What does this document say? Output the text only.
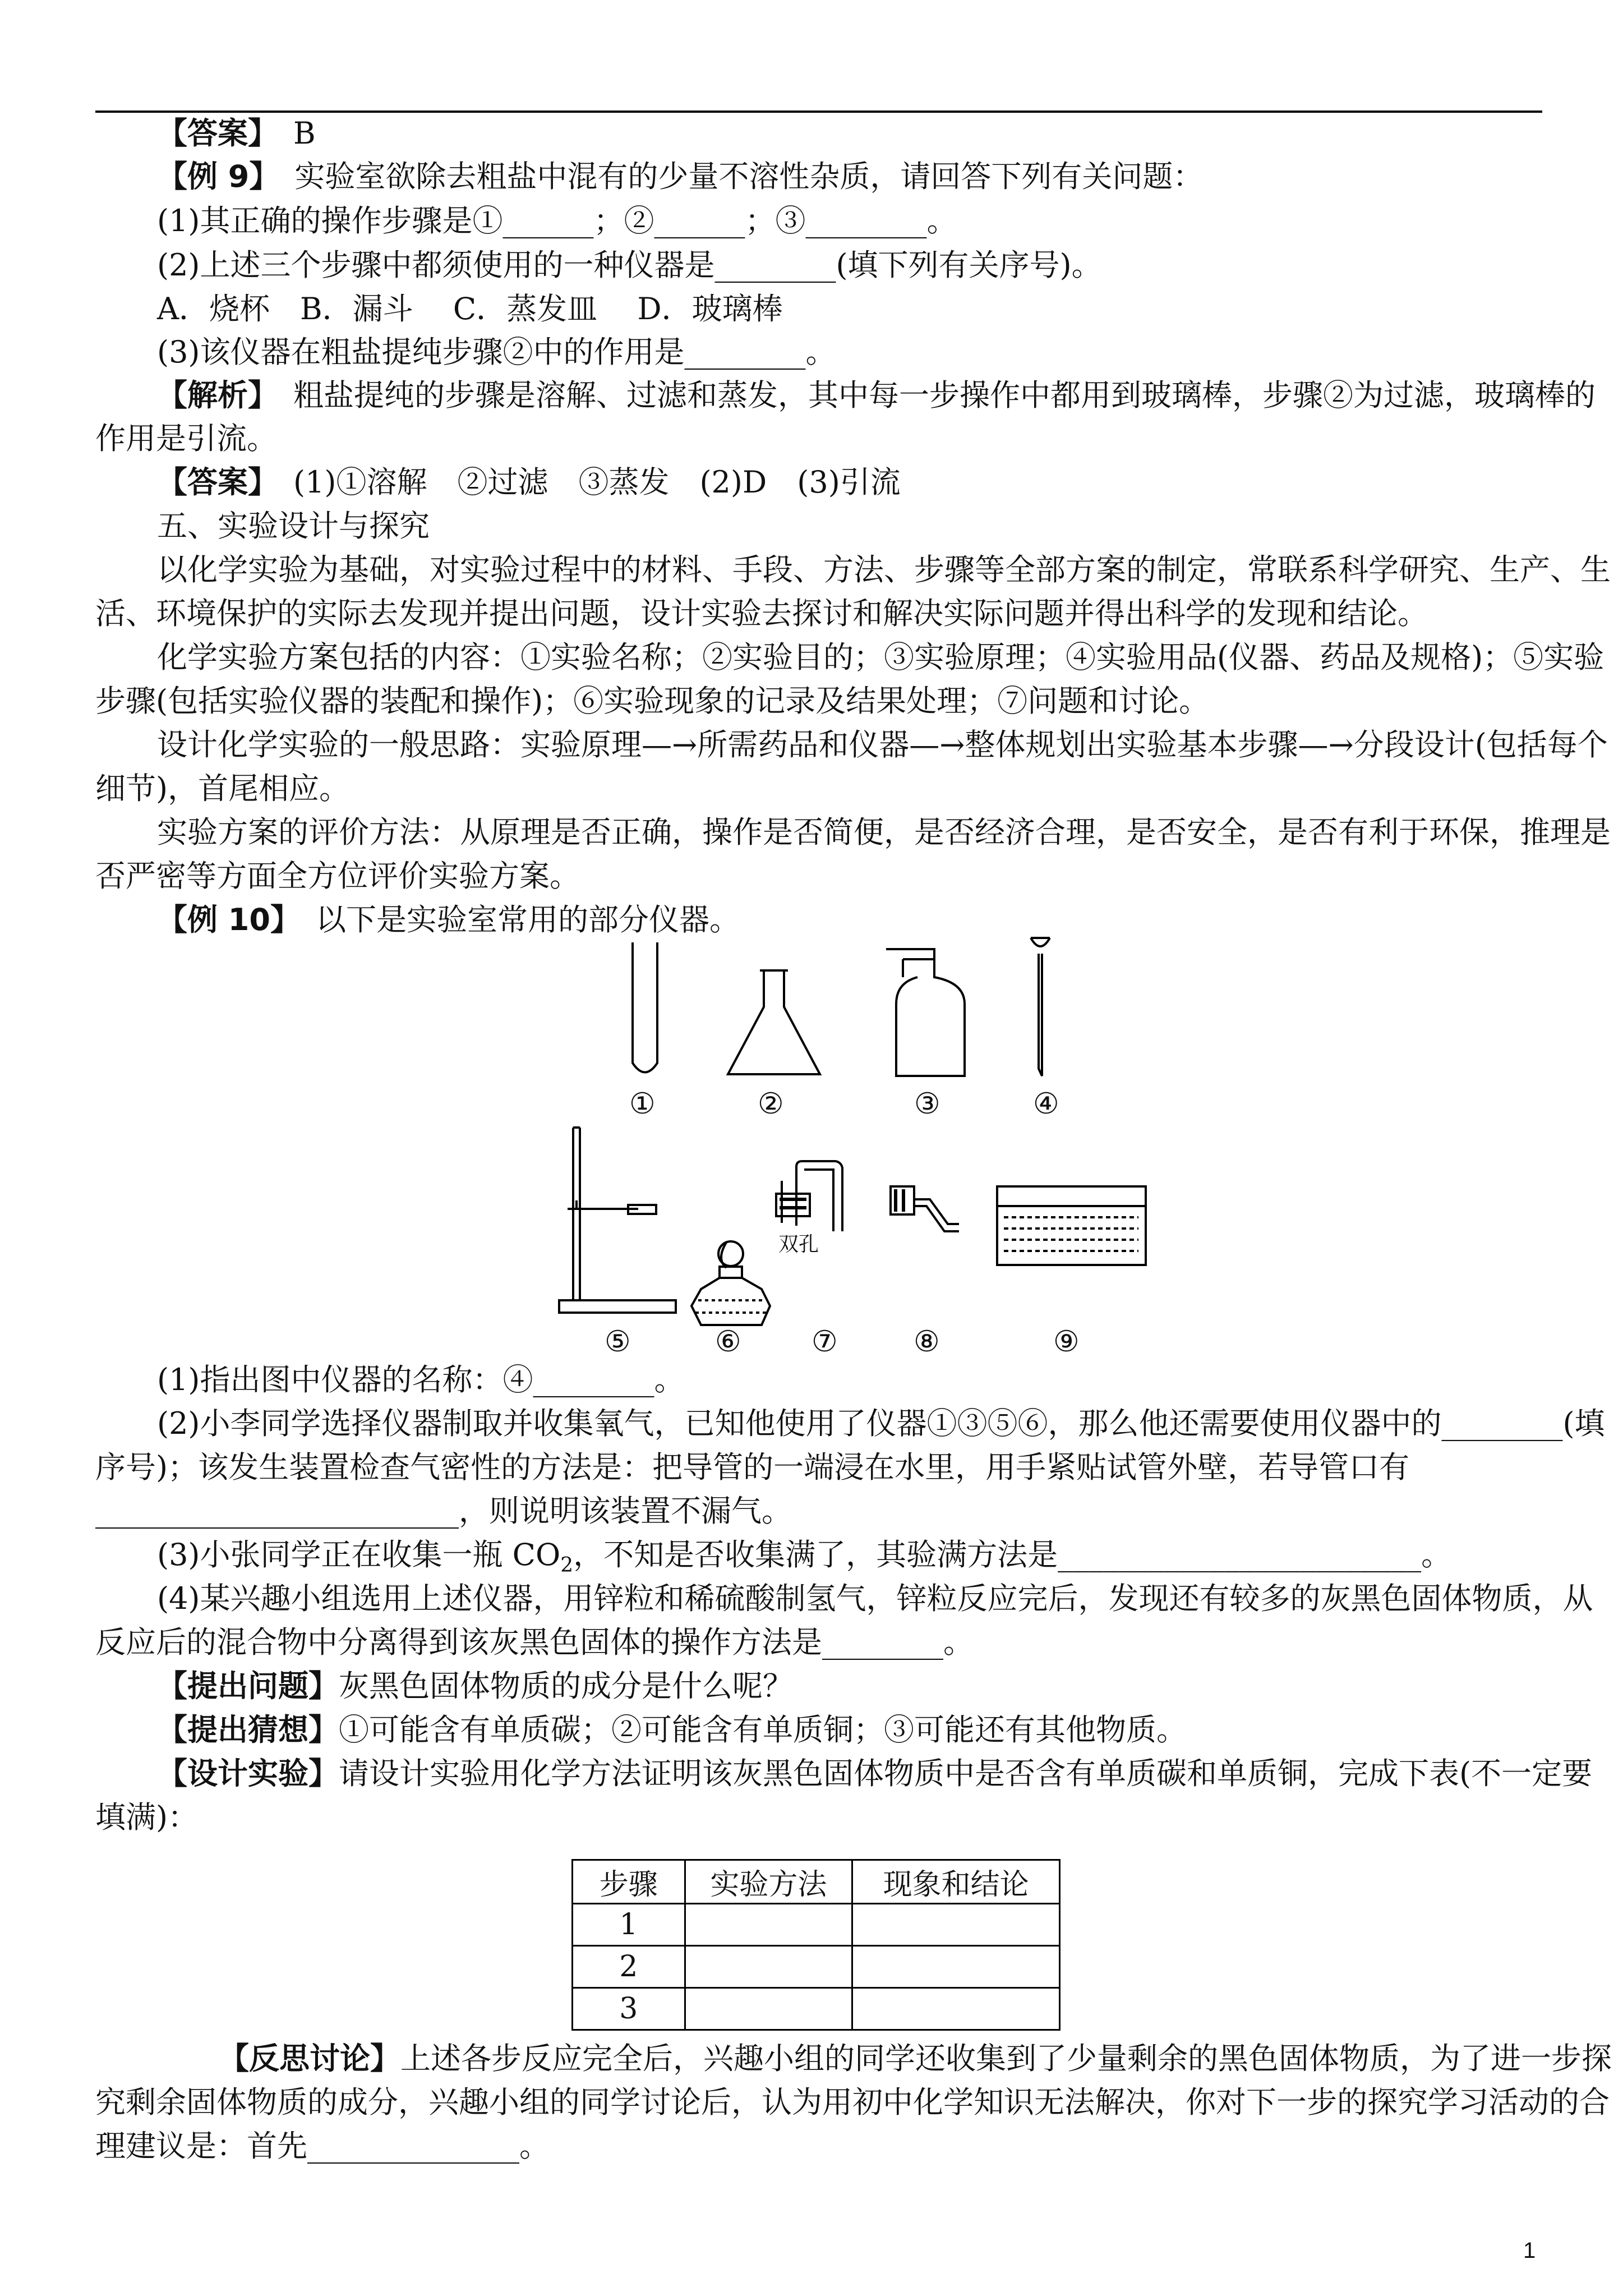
【答案】　 B
【例 9】　 实验室欲除去粗盐中混有的少量不溶性杂质，请回答下列有关问题：
(1)其正确的操作步骤是①______；②______；③________。
(2)上述三个步骤中都须使用的一种仪器是________(填下列有关序号)。
A．烧杯　B．漏斗　 C．蒸发皿　 D．玻璃棒
(3)该仪器在粗盐提纯步骤②中的作用是________。
【解析】　 粗盐提纯的步骤是溶解、过滤和蒸发，其中每一步操作中都用到玻璃棒，步骤②为过滤，玻璃棒的
作用是引流。
【答案】　 (1)①溶解　②过滤　③蒸发　(2)D　(3)引流
五、实验设计与探究
以化学实验为基础，对实验过程中的材料、手段、方法、步骤等全部方案的制定，常联系科学研究、生产、生
活、环境保护的实际去发现并提出问题，设计实验去探讨和解决实际问题并得出科学的发现和结论。
化学实验方案包括的内容：①实验名称；②实验目的；③实验原理；④实验用品(仪器、药品及规格)；⑤实验
步骤(包括实验仪器的装配和操作)；⑥实验现象的记录及结果处理；⑦问题和讨论。
设计化学实验的一般思路：实验原理—→所需药品和仪器—→整体规划出实验基本步骤—→分段设计(包括每个
细节)，首尾相应。
实验方案的评价方法：从原理是否正确，操作是否简便，是否经济合理，是否安全，是否有利于环保，推理是
否严密等方面全方位评价实验方案。
【例 10】　 以下是实验室常用的部分仪器。
①	②	③	④
⑤	⑥ ⑦	⑧	⑨
双孔
(1)指出图中仪器的名称：④________。
(2)小李同学选择仪器制取并收集氧气，已知他使用了仪器①③⑤⑥，那么他还需要使用仪器中的________(填
序号)；该发生装置检查气密性的方法是：把导管的一端浸在水里，用手紧贴试管外壁，若导管口有
________________________，则说明该装置不漏气。
(3)小张同学正在收集一瓶 $CO_2$，不知是否收集满了，其验满方法是________________________。
(4)某兴趣小组选用上述仪器，用锌粒和稀硫酸制氢气，锌粒反应完后，发现还有较多的灰黑色固体物质，从
反应后的混合物中分离得到该灰黑色固体的操作方法是________。
【提出问题】灰黑色固体物质的成分是什么呢？
【提出猜想】①可能含有单质碳；②可能含有单质铜；③可能还有其他物质。
【设计实验】请设计实验用化学方法证明该灰黑色固体物质中是否含有单质碳和单质铜，完成下表(不一定要
填满)：
步骤	实验方法	现象和结论
1		
2		
3		
【反思讨论】上述各步反应完全后，兴趣小组的同学还收集到了少量剩余的黑色固体物质，为了进一步探
究剩余固体物质的成分，兴趣小组的同学讨论后，认为用初中化学知识无法解决，你对下一步的探究学习活动的合
理建议是：首先______________。
1
